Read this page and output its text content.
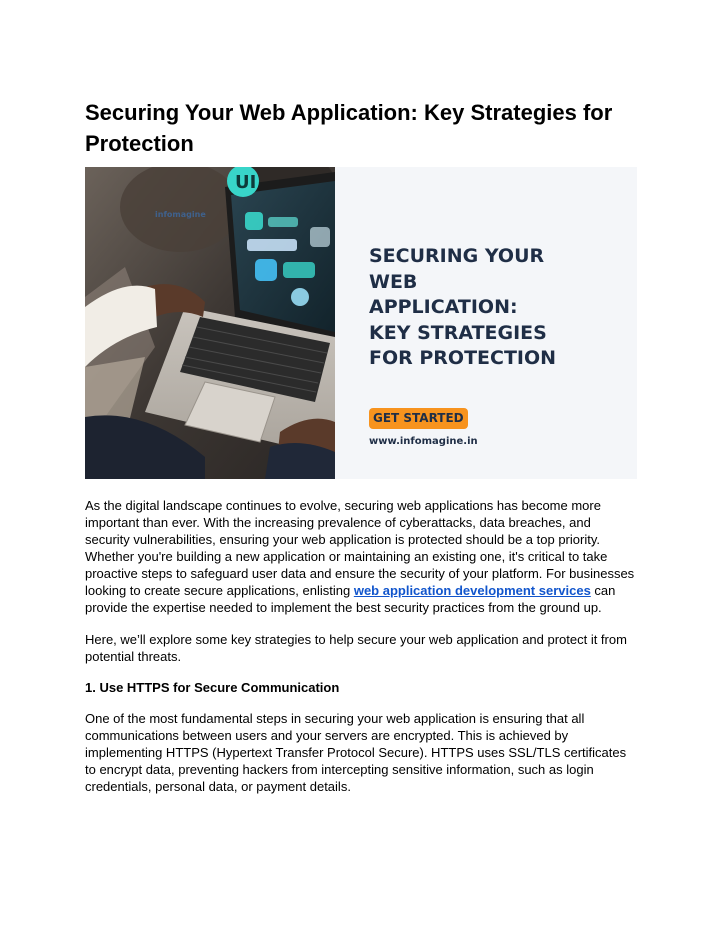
Securing Your Web Application: Key Strategies for Protection
UI
infomagine

SECURING YOUR
WEB
APPLICATION:
KEY STRATEGIES
FOR PROTECTION

GET STARTED
www.infomagine.in

As the digital landscape continues to evolve, securing web applications has become more important than ever. With the increasing prevalence of cyberattacks, data breaches, and security vulnerabilities, ensuring your web application is protected should be a top priority. Whether you're building a new application or maintaining an existing one, it's critical to take proactive steps to safeguard user data and ensure the security of your platform. For businesses looking to create secure applications, enlisting web application development services can provide the expertise needed to implement the best security practices from the ground up.

Here, we’ll explore some key strategies to help secure your web application and protect it from potential threats.

1. Use HTTPS for Secure Communication

One of the most fundamental steps in securing your web application is ensuring that all communications between users and your servers are encrypted. This is achieved by implementing HTTPS (Hypertext Transfer Protocol Secure). HTTPS uses SSL/TLS certificates to encrypt data, preventing hackers from intercepting sensitive information, such as login credentials, personal data, or payment details.
